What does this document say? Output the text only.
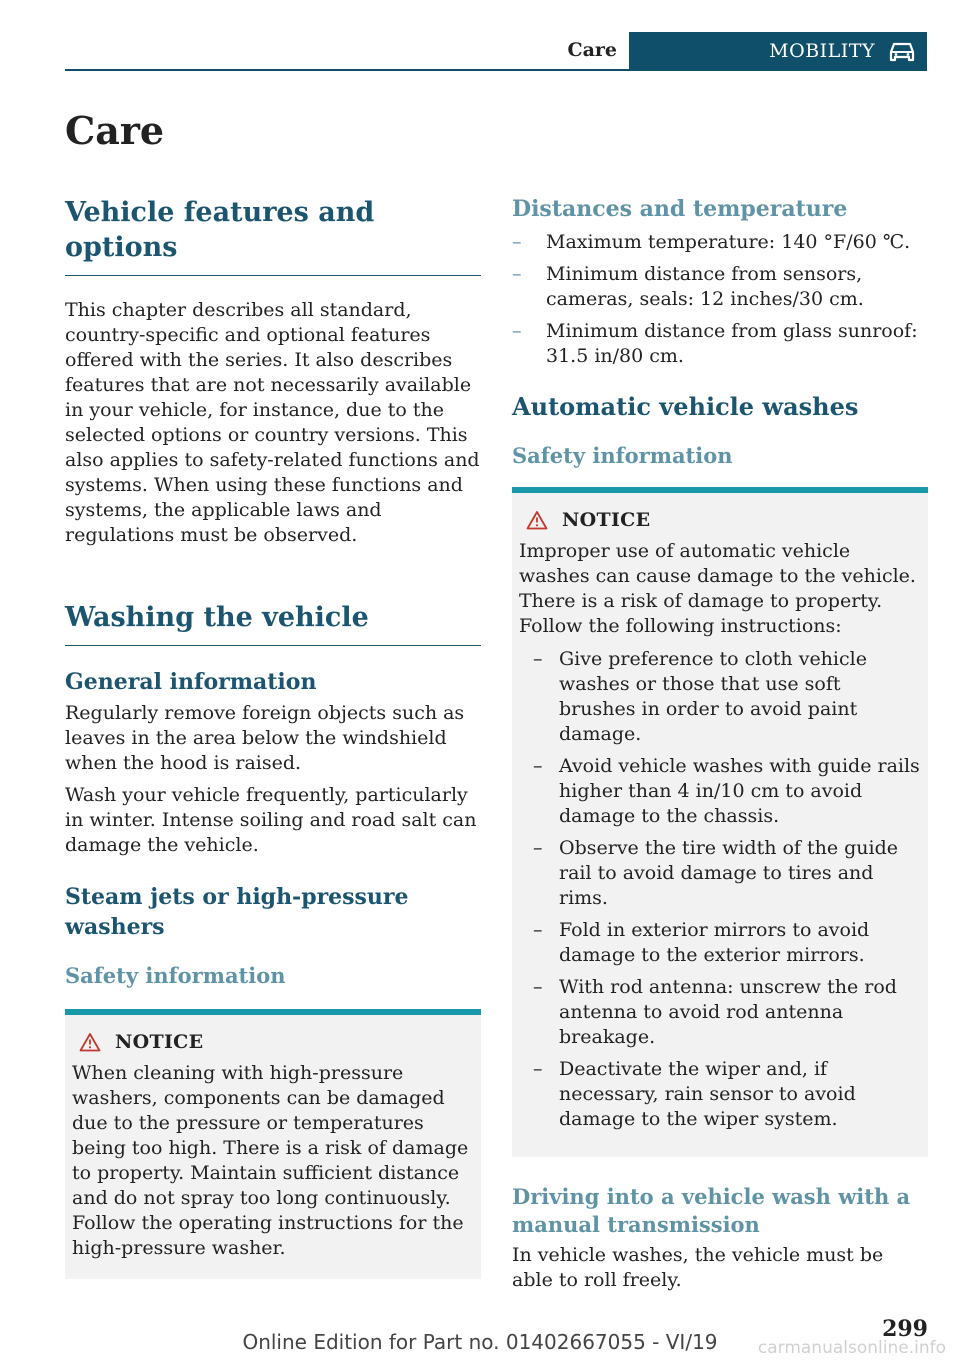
Care	MOBILITY
Care
Vehicle features and options

This chapter describes all standard, country-specific and optional features offered with the series. It also describes features that are not necessarily available in your vehicle, for instance, due to the selected options or country versions. This also applies to safety-related functions and systems. When using these functions and systems, the applicable laws and regulations must be observed.

Washing the vehicle
General information

Regularly remove foreign objects such as leaves in the area below the windshield when the hood is raised.

Wash your vehicle frequently, particularly in winter. Intense soiling and road salt can damage the vehicle.

Steam jets or high-pressure washers
Safety information
NOTICE

When cleaning with high-pressure washers, components can be damaged due to the pressure or temperatures being too high. There is a risk of damage to property. Maintain sufficient distance and do not spray too long continuously. Follow the operating instructions for the high-pressure washer.

Distances and temperature
– Maximum temperature: 140 °F/60 ℃.
– Minimum distance from sensors, cameras, seals: 12 inches/30 cm.
– Minimum distance from glass sunroof: 31.5 in/80 cm.
Automatic vehicle washes
Safety information
NOTICE

Improper use of automatic vehicle washes can cause damage to the vehicle. There is a risk of damage to property. Follow the following instructions:

– Give preference to cloth vehicle washes or those that use soft brushes in order to avoid paint damage.
– Avoid vehicle washes with guide rails higher than 4 in/10 cm to avoid damage to the chassis.
– Observe the tire width of the guide rail to avoid damage to tires and rims.
– Fold in exterior mirrors to avoid damage to the exterior mirrors.
– With rod antenna: unscrew the rod antenna to avoid rod antenna breakage.
– Deactivate the wiper and, if necessary, rain sensor to avoid damage to the wiper system.
Driving into a vehicle wash with a manual transmission

In vehicle washes, the vehicle must be able to roll freely.

299
Online Edition for Part no. 01402667055 - VI/19	carmanualsonline.info
